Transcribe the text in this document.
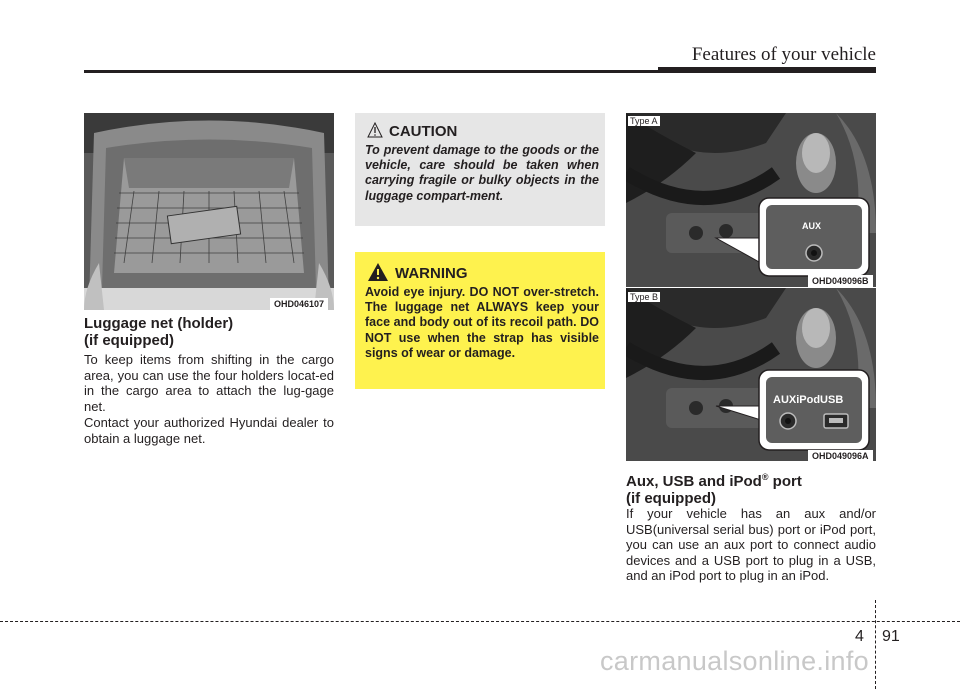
Features of your vehicle
OHD046107
Luggage net (holder)
(if equipped)
To keep items from shifting in the cargo area, you can use the four holders locat-ed in the cargo area to attach the lug-gage net.
Contact your authorized Hyundai dealer to obtain a luggage net.
CAUTION
To prevent damage to the goods or the vehicle, care should be taken when carrying fragile or bulky objects in the luggage compart-ment.
WARNING
Avoid eye injury. DO NOT over-stretch. The luggage net ALWAYS keep your face and body out of its recoil path. DO NOT use when the strap has visible signs of wear or damage.
AUX
Type A
OHD049096B
AUXiPodUSB
Type B
OHD049096A
Aux, USB and iPod® port
(if equipped)
If your vehicle has an aux and/or USB(universal serial bus) port or iPod port, you can use an aux port to connect audio devices and a USB port to plug in a USB, and an iPod port to plug in an iPod.
4 91
carmanualsonline.info
